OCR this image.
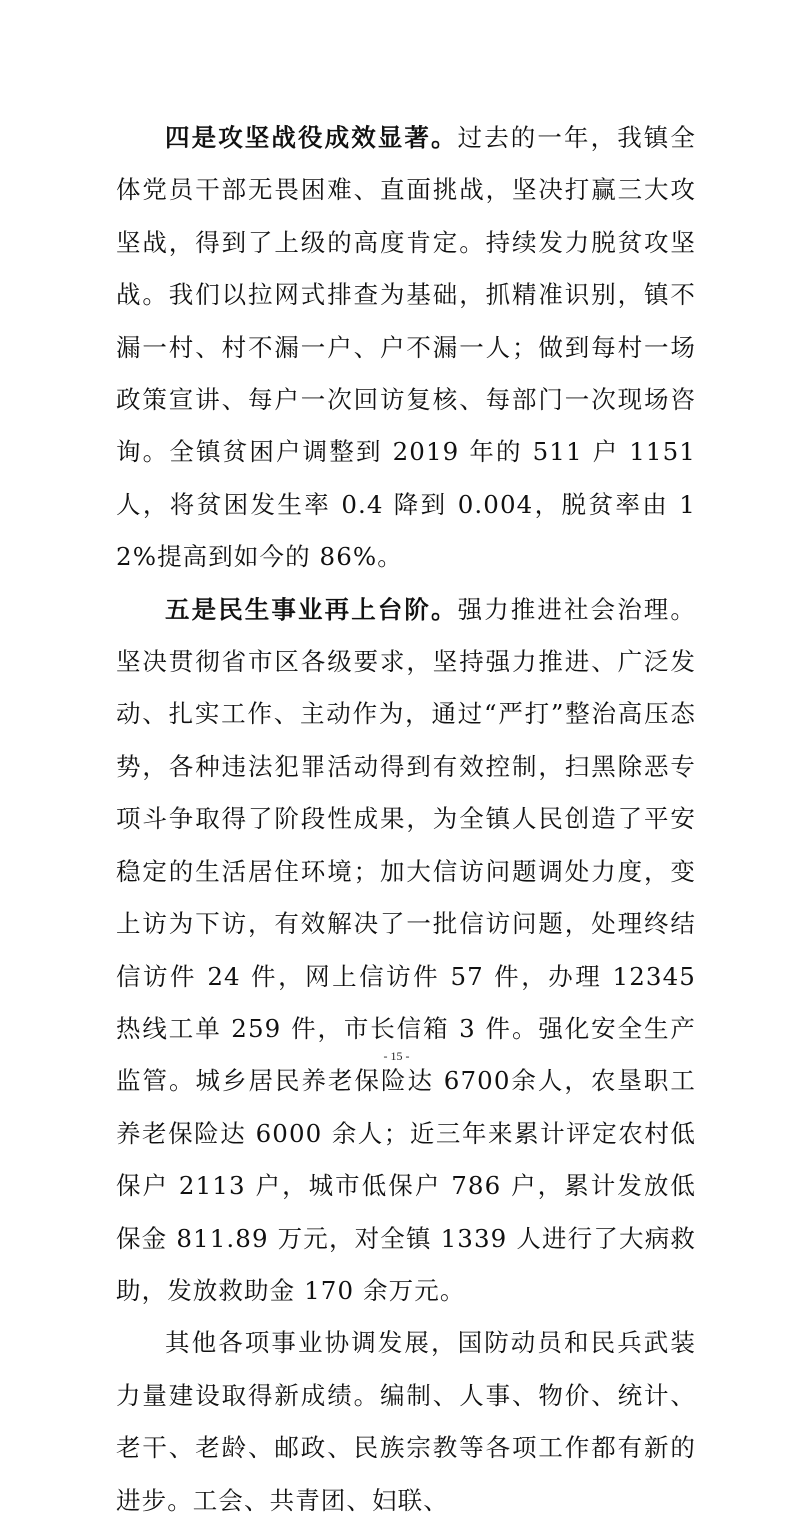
四是攻坚战役成效显著。过去的一年，我镇全体党员干部无畏困难、直面挑战，坚决打赢三大攻坚战，得到了上级的高度肯定。持续发力脱贫攻坚战。我们以拉网式排查为基础，抓精准识别，镇不漏一村、村不漏一户、户不漏一人；做到每村一场政策宣讲、每户一次回访复核、每部门一次现场咨询。全镇贫困户调整到 2019 年的 511 户 1151 人，将贫困发生率 0.4 降到 0.004，脱贫率由 12%提高到如今的 86%。

五是民生事业再上台阶。强力推进社会治理。坚决贯彻省市区各级要求，坚持强力推进、广泛发动、扎实工作、主动作为，通过“严打”整治高压态势，各种违法犯罪活动得到有效控制，扫黑除恶专项斗争取得了阶段性成果，为全镇人民创造了平安稳定的生活居住环境；加大信访问题调处力度，变上访为下访，有效解决了一批信访问题，处理终结信访件 24 件，网上信访件 57 件，办理 12345 热线工单 259 件，市长信箱 3 件。强化安全生产监管。城乡居民养老保险达 6700余人，农垦职工养老保险达 6000 余人；近三年来累计评定农村低保户 2113 户，城市低保户 786 户，累计发放低保金 811.89 万元，对全镇 1339 人进行了大病救助，发放救助金 170 余万元。

其他各项事业协调发展，国防动员和民兵武装力量建设取得新成绩。编制、人事、物价、统计、老干、老龄、邮政、民族宗教等各项工作都有新的进步。工会、共青团、妇联、

- 15 -
